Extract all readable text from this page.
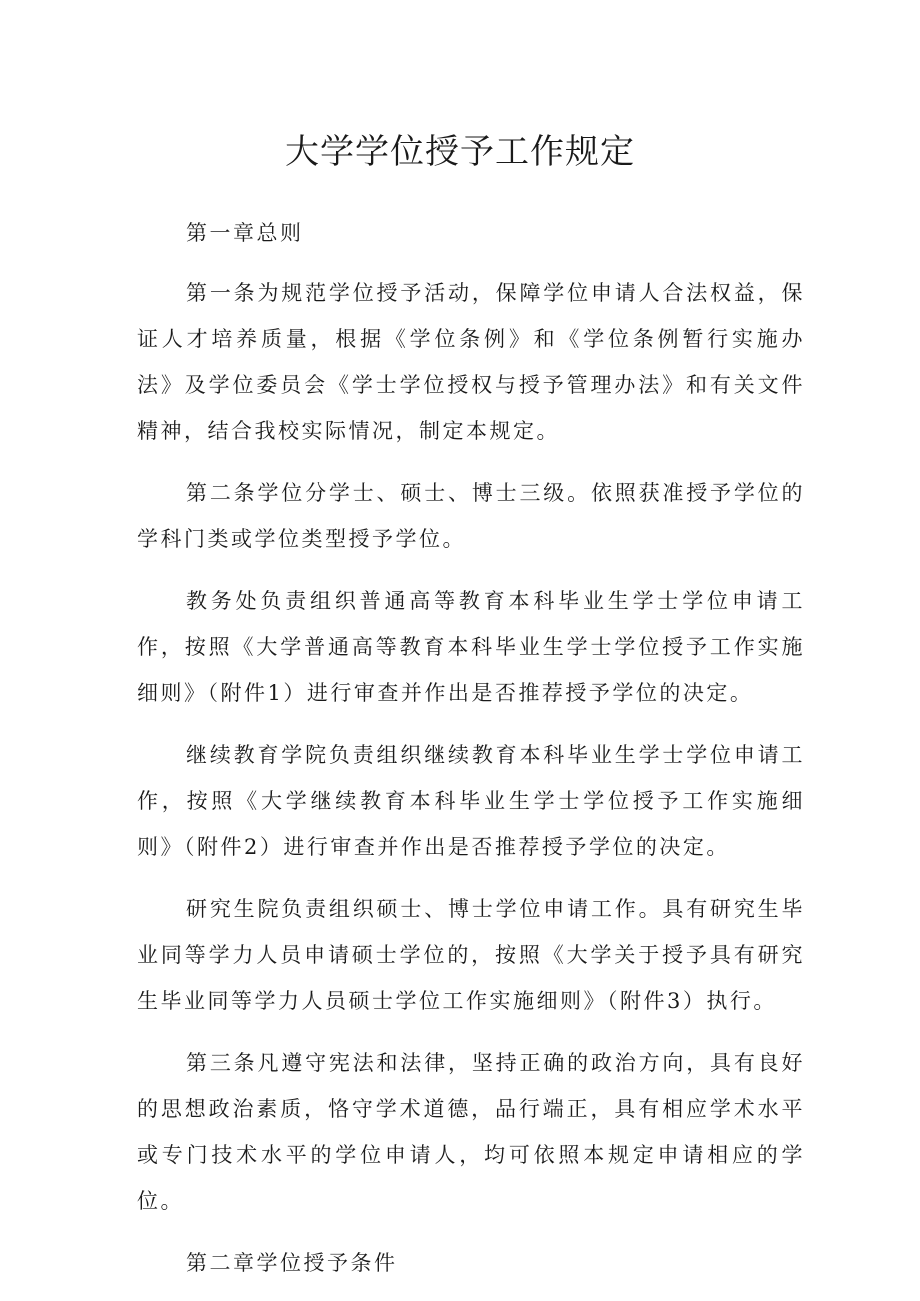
大学学位授予工作规定

第一章总则

第一条为规范学位授予活动，保障学位申请人合法权益，保证人才培养质量，根据《学位条例》和《学位条例暂行实施办法》及学位委员会《学士学位授权与授予管理办法》和有关文件精神，结合我校实际情况，制定本规定。

第二条学位分学士、硕士、博士三级。依照获准授予学位的学科门类或学位类型授予学位。

教务处负责组织普通高等教育本科毕业生学士学位申请工作，按照《大学普通高等教育本科毕业生学士学位授予工作实施细则》（附件1）进行审查并作出是否推荐授予学位的决定。

继续教育学院负责组织继续教育本科毕业生学士学位申请工作，按照《大学继续教育本科毕业生学士学位授予工作实施细则》（附件2）进行审查并作出是否推荐授予学位的决定。

研究生院负责组织硕士、博士学位申请工作。具有研究生毕业同等学力人员申请硕士学位的，按照《大学关于授予具有研究生毕业同等学力人员硕士学位工作实施细则》（附件3）执行。

第三条凡遵守宪法和法律，坚持正确的政治方向，具有良好的思想政治素质，恪守学术道德，品行端正，具有相应学术水平或专门技术水平的学位申请人，均可依照本规定申请相应的学位。

第二章学位授予条件
